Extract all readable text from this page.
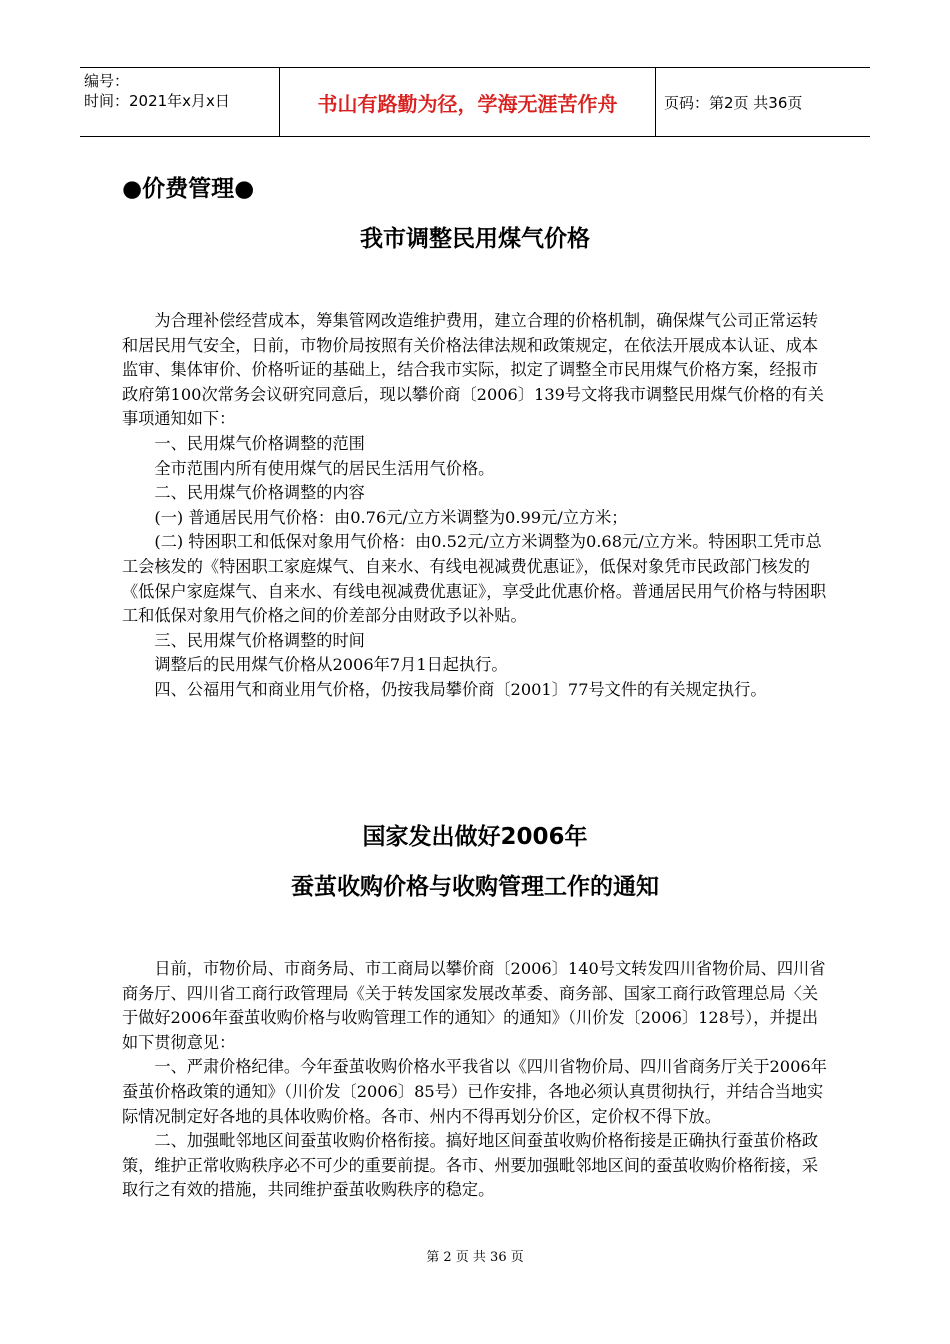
编号：
时间：2021年x月x日	书山有路勤为径，学海无涯苦作舟	页码：第2页 共36页
●价费管理●
我市调整民用煤气价格

为合理补偿经营成本，筹集管网改造维护费用，建立合理的价格机制，确保煤气公司正常运转和居民用气安全，日前，市物价局按照有关价格法律法规和政策规定，在依法开展成本认证、成本监审、集体审价、价格听证的基础上，结合我市实际，拟定了调整全市民用煤气价格方案，经报市政府第100次常务会议研究同意后，现以攀价商〔2006〕139号文将我市调整民用煤气价格的有关事项通知如下：

一、民用煤气价格调整的范围

全市范围内所有使用煤气的居民生活用气价格。

二、民用煤气价格调整的内容

(一) 普通居民用气价格：由0.76元/立方米调整为0.99元/立方米；

(二) 特困职工和低保对象用气价格：由0.52元/立方米调整为0.68元/立方米。特困职工凭市总工会核发的《特困职工家庭煤气、自来水、有线电视减费优惠证》，低保对象凭市民政部门核发的《低保户家庭煤气、自来水、有线电视减费优惠证》，享受此优惠价格。普通居民用气价格与特困职工和低保对象用气价格之间的价差部分由财政予以补贴。

三、民用煤气价格调整的时间

调整后的民用煤气价格从2006年7月1日起执行。

四、公福用气和商业用气价格，仍按我局攀价商〔2001〕77号文件的有关规定执行。

国家发出做好2006年
蚕茧收购价格与收购管理工作的通知

日前，市物价局、市商务局、市工商局以攀价商〔2006〕140号文转发四川省物价局、四川省商务厅、四川省工商行政管理局《关于转发国家发展改革委、商务部、国家工商行政管理总局〈关于做好2006年蚕茧收购价格与收购管理工作的通知〉的通知》（川价发〔2006〕128号），并提出如下贯彻意见：

一、严肃价格纪律。今年蚕茧收购价格水平我省以《四川省物价局、四川省商务厅关于2006年蚕茧价格政策的通知》（川价发〔2006〕85号）已作安排，各地必须认真贯彻执行，并结合当地实际情况制定好各地的具体收购价格。各市、州内不得再划分价区，定价权不得下放。

二、加强毗邻地区间蚕茧收购价格衔接。搞好地区间蚕茧收购价格衔接是正确执行蚕茧价格政策，维护正常收购秩序必不可少的重要前提。各市、州要加强毗邻地区间的蚕茧收购价格衔接，采取行之有效的措施，共同维护蚕茧收购秩序的稳定。

第 2 页 共 36 页
